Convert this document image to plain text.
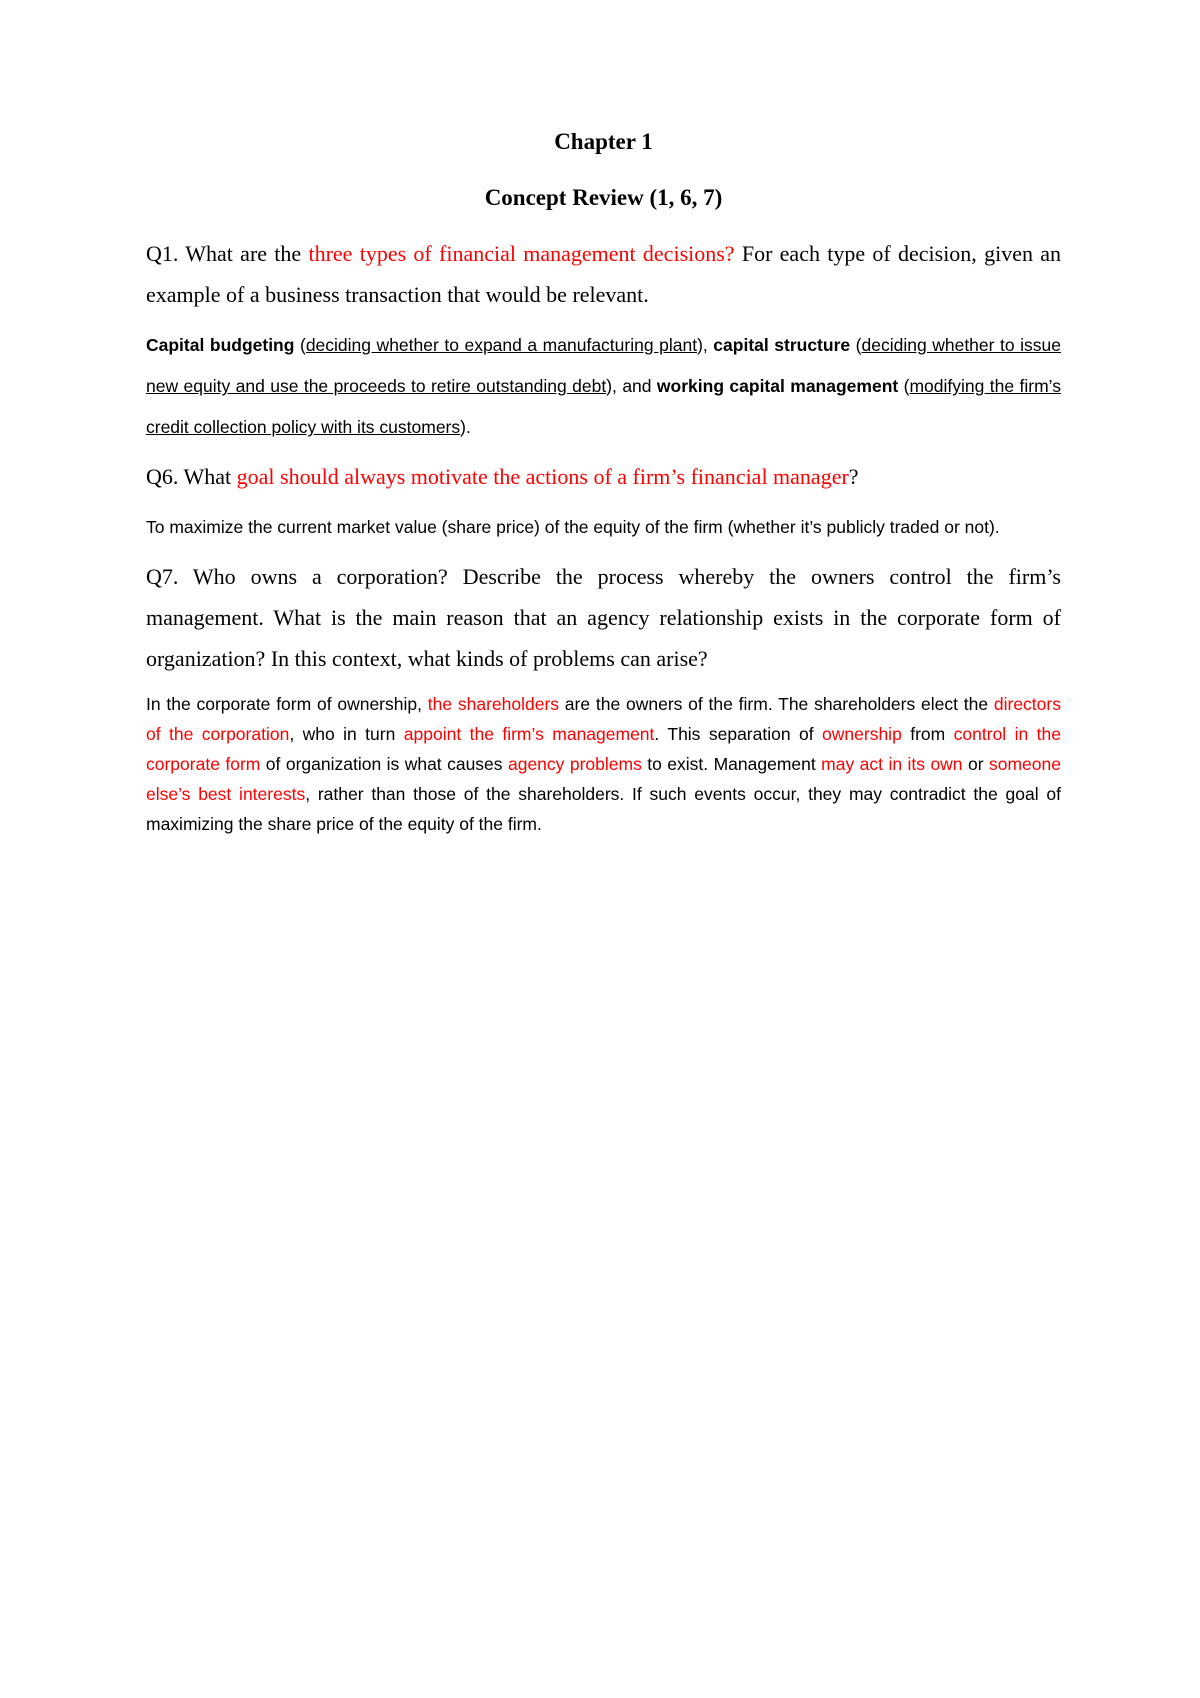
Chapter 1

Concept Review (1, 6, 7)

Q1. What are the three types of financial management decisions? For each type of decision, given an example of a business transaction that would be relevant.

Capital budgeting (deciding whether to expand a manufacturing plant), capital structure (deciding whether to issue new equity and use the proceeds to retire outstanding debt), and working capital management (modifying the firm’s credit collection policy with its customers).

Q6. What goal should always motivate the actions of a firm’s financial manager?

To maximize the current market value (share price) of the equity of the firm (whether it’s publicly traded or not).

Q7. Who owns a corporation? Describe the process whereby the owners control the firm’s management. What is the main reason that an agency relationship exists in the corporate form of organization? In this context, what kinds of problems can arise?

In the corporate form of ownership, the shareholders are the owners of the firm. The shareholders elect the directors of the corporation, who in turn appoint the firm’s management. This separation of ownership from control in the corporate form of organization is what causes agency problems to exist. Management may act in its own or someone else’s best interests, rather than those of the shareholders. If such events occur, they may contradict the goal of maximizing the share price of the equity of the firm.
